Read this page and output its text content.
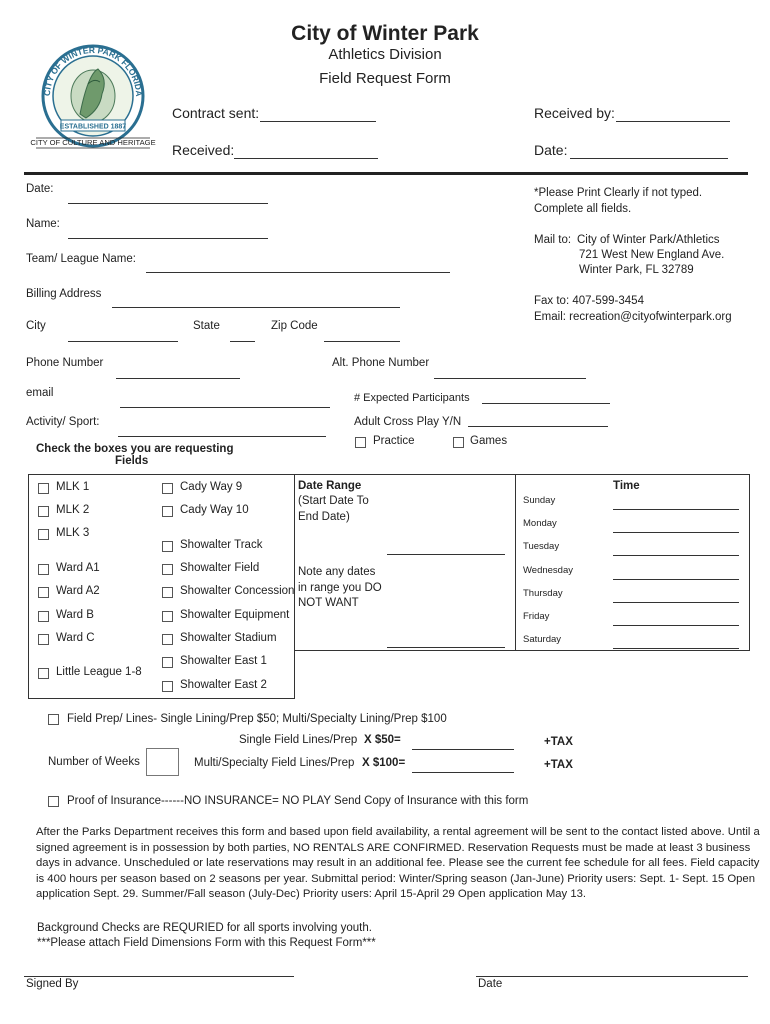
CITY OF WINTER PARK FLORIDA
ESTABLISHED 1887
CITY OF CULTURE AND HERITAGE
City of Winter Park
Athletics Division
Field Request Form
Contract sent:
Received:
Received by:
Date:
Date:
Name:
Team/ League Name:
Billing Address
City	State	Zip Code
Phone Number	Alt. Phone Number
email	# Expected Participants
Activity/ Sport:	Adult Cross Play Y/N
Practice	Games
*Please Print Clearly if not typed.
Complete all fields.
Mail to: City of Winter Park/Athletics
721 West New England Ave.
Winter Park, FL 32789
Fax to: 407-599-3454
Email: recreation@cityofwinterpark.org
Check the boxes you are requesting
Fields
Date Range
(Start Date To
End Date)
Note any dates
in range you DO
NOT WANT
Time
Field Prep/ Lines- Single Lining/Prep $50; Multi/Specialty Lining/Prep $100
Single Field Lines/Prep X $50=	+TAX
Number of Weeks	Multi/Specialty Field Lines/Prep X $100=	+TAX
Proof of Insurance------NO INSURANCE= NO PLAY Send Copy of Insurance with this form
After the Parks Department receives this form and based upon field availability, a rental agreement will be sent to the contact listed above. Until a signed agreement is in possession by both parties, NO RENTALS ARE CONFIRMED. Reservation Requests must be made at least 3 business days in advance. Unscheduled or late reservations may result in an additional fee. Please see the current fee schedule for all fees. Field capacity is 400 hours per season based on 2 seasons per year. Submittal period: Winter/Spring season (Jan-June) Priority users: Sept. 1- Sept. 15 Open application Sept. 29. Summer/Fall season (July-Dec) Priority users: April 15-April 29 Open application May 13.
Background Checks are REQURIED for all sports involving youth.
***Please attach Field Dimensions Form with this Request Form***
Signed By	Date
MLK 1
MLK 2
MLK 3
Ward A1
Ward A2
Ward B
Ward C
Little League 1-8
Cady Way 9
Cady Way 10
Showalter Track
Showalter Field
Showalter Concession
Showalter Equipment
Showalter Stadium
Showalter East 1
Showalter East 2
Sunday
Monday
Tuesday
Wednesday
Thursday
Friday
Saturday
